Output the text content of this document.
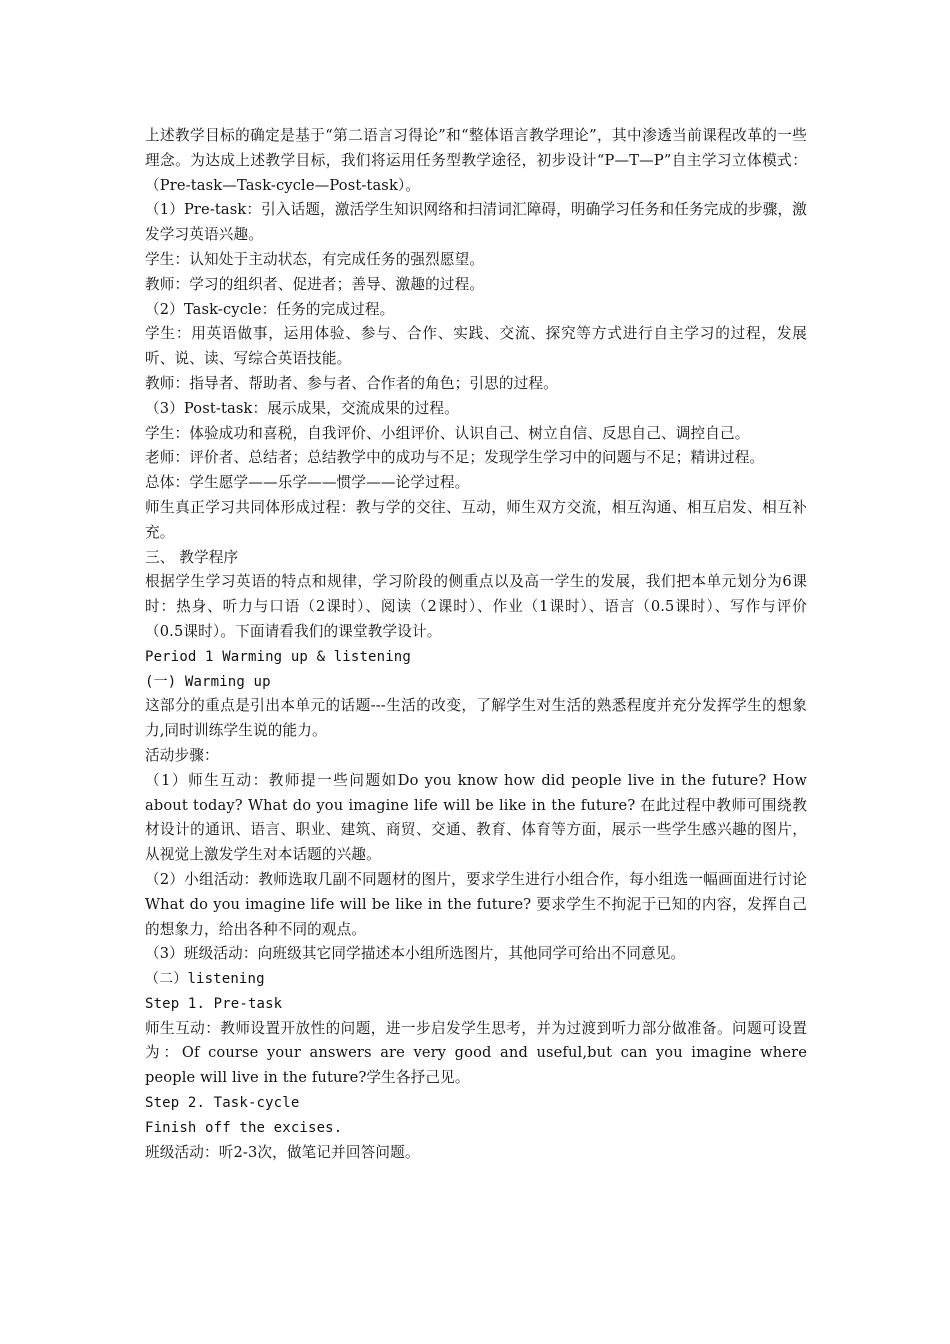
上述教学目标的确定是基于“第二语言习得论”和“整体语言教学理论”，其中渗透当前课程改革的一些理念。为达成上述教学目标，我们将运用任务型教学途径，初步设计“P—T—P”自主学习立体模式：（Pre-task—Task-cycle—Post-task）。

（1）Pre-task：引入话题，激活学生知识网络和扫清词汇障碍，明确学习任务和任务完成的步骤，激发学习英语兴趣。

学生：认知处于主动状态，有完成任务的强烈愿望。

教师：学习的组织者、促进者；善导、激趣的过程。

（2）Task-cycle：任务的完成过程。

学生：用英语做事，运用体验、参与、合作、实践、交流、探究等方式进行自主学习的过程，发展听、说、读、写综合英语技能。

教师：指导者、帮助者、参与者、合作者的角色；引思的过程。

（3）Post-task：展示成果，交流成果的过程。

学生：体验成功和喜税，自我评价、小组评价、认识自己、树立自信、反思自己、调控自己。

老师：评价者、总结者；总结教学中的成功与不足；发现学生学习中的问题与不足；精讲过程。

总体：学生愿学——乐学——惯学——论学过程。

师生真正学习共同体形成过程：教与学的交往、互动，师生双方交流，相互沟通、相互启发、相互补充。

三、 教学程序

根据学生学习英语的特点和规律，学习阶段的侧重点以及高一学生的发展，我们把本单元划分为6课时：热身、听力与口语（2课时）、阅读（2课时）、作业（1课时）、语言（0.5课时）、写作与评价（0.5课时）。下面请看我们的课堂教学设计。

Period 1 Warming up & listening

(一) Warming up

这部分的重点是引出本单元的话题---生活的改变，了解学生对生活的熟悉程度并充分发挥学生的想象力,同时训练学生说的能力。

活动步骤：

（1）师生互动：教师提一些问题如Do you know how did people live in the future? How about today? What do you imagine life will be like in the future? 在此过程中教师可围绕教材设计的通讯、语言、职业、建筑、商贸、交通、教育、体育等方面，展示一些学生感兴趣的图片，从视觉上激发学生对本话题的兴趣。

（2）小组活动：教师选取几副不同题材的图片，要求学生进行小组合作，每小组选一幅画面进行讨论What do you imagine life will be like in the future? 要求学生不拘泥于已知的内容，发挥自己的想象力，给出各种不同的观点。

（3）班级活动：向班级其它同学描述本小组所选图片，其他同学可给出不同意见。

（二）listening

Step 1. Pre-task

师生互动：教师设置开放性的问题，进一步启发学生思考，并为过渡到听力部分做准备。问题可设置为：Of course your answers are very good and useful,but can you imagine where people will live in the future?学生各抒己见。

Step 2. Task-cycle

Finish off the excises.

班级活动：听2-3次，做笔记并回答问题。
